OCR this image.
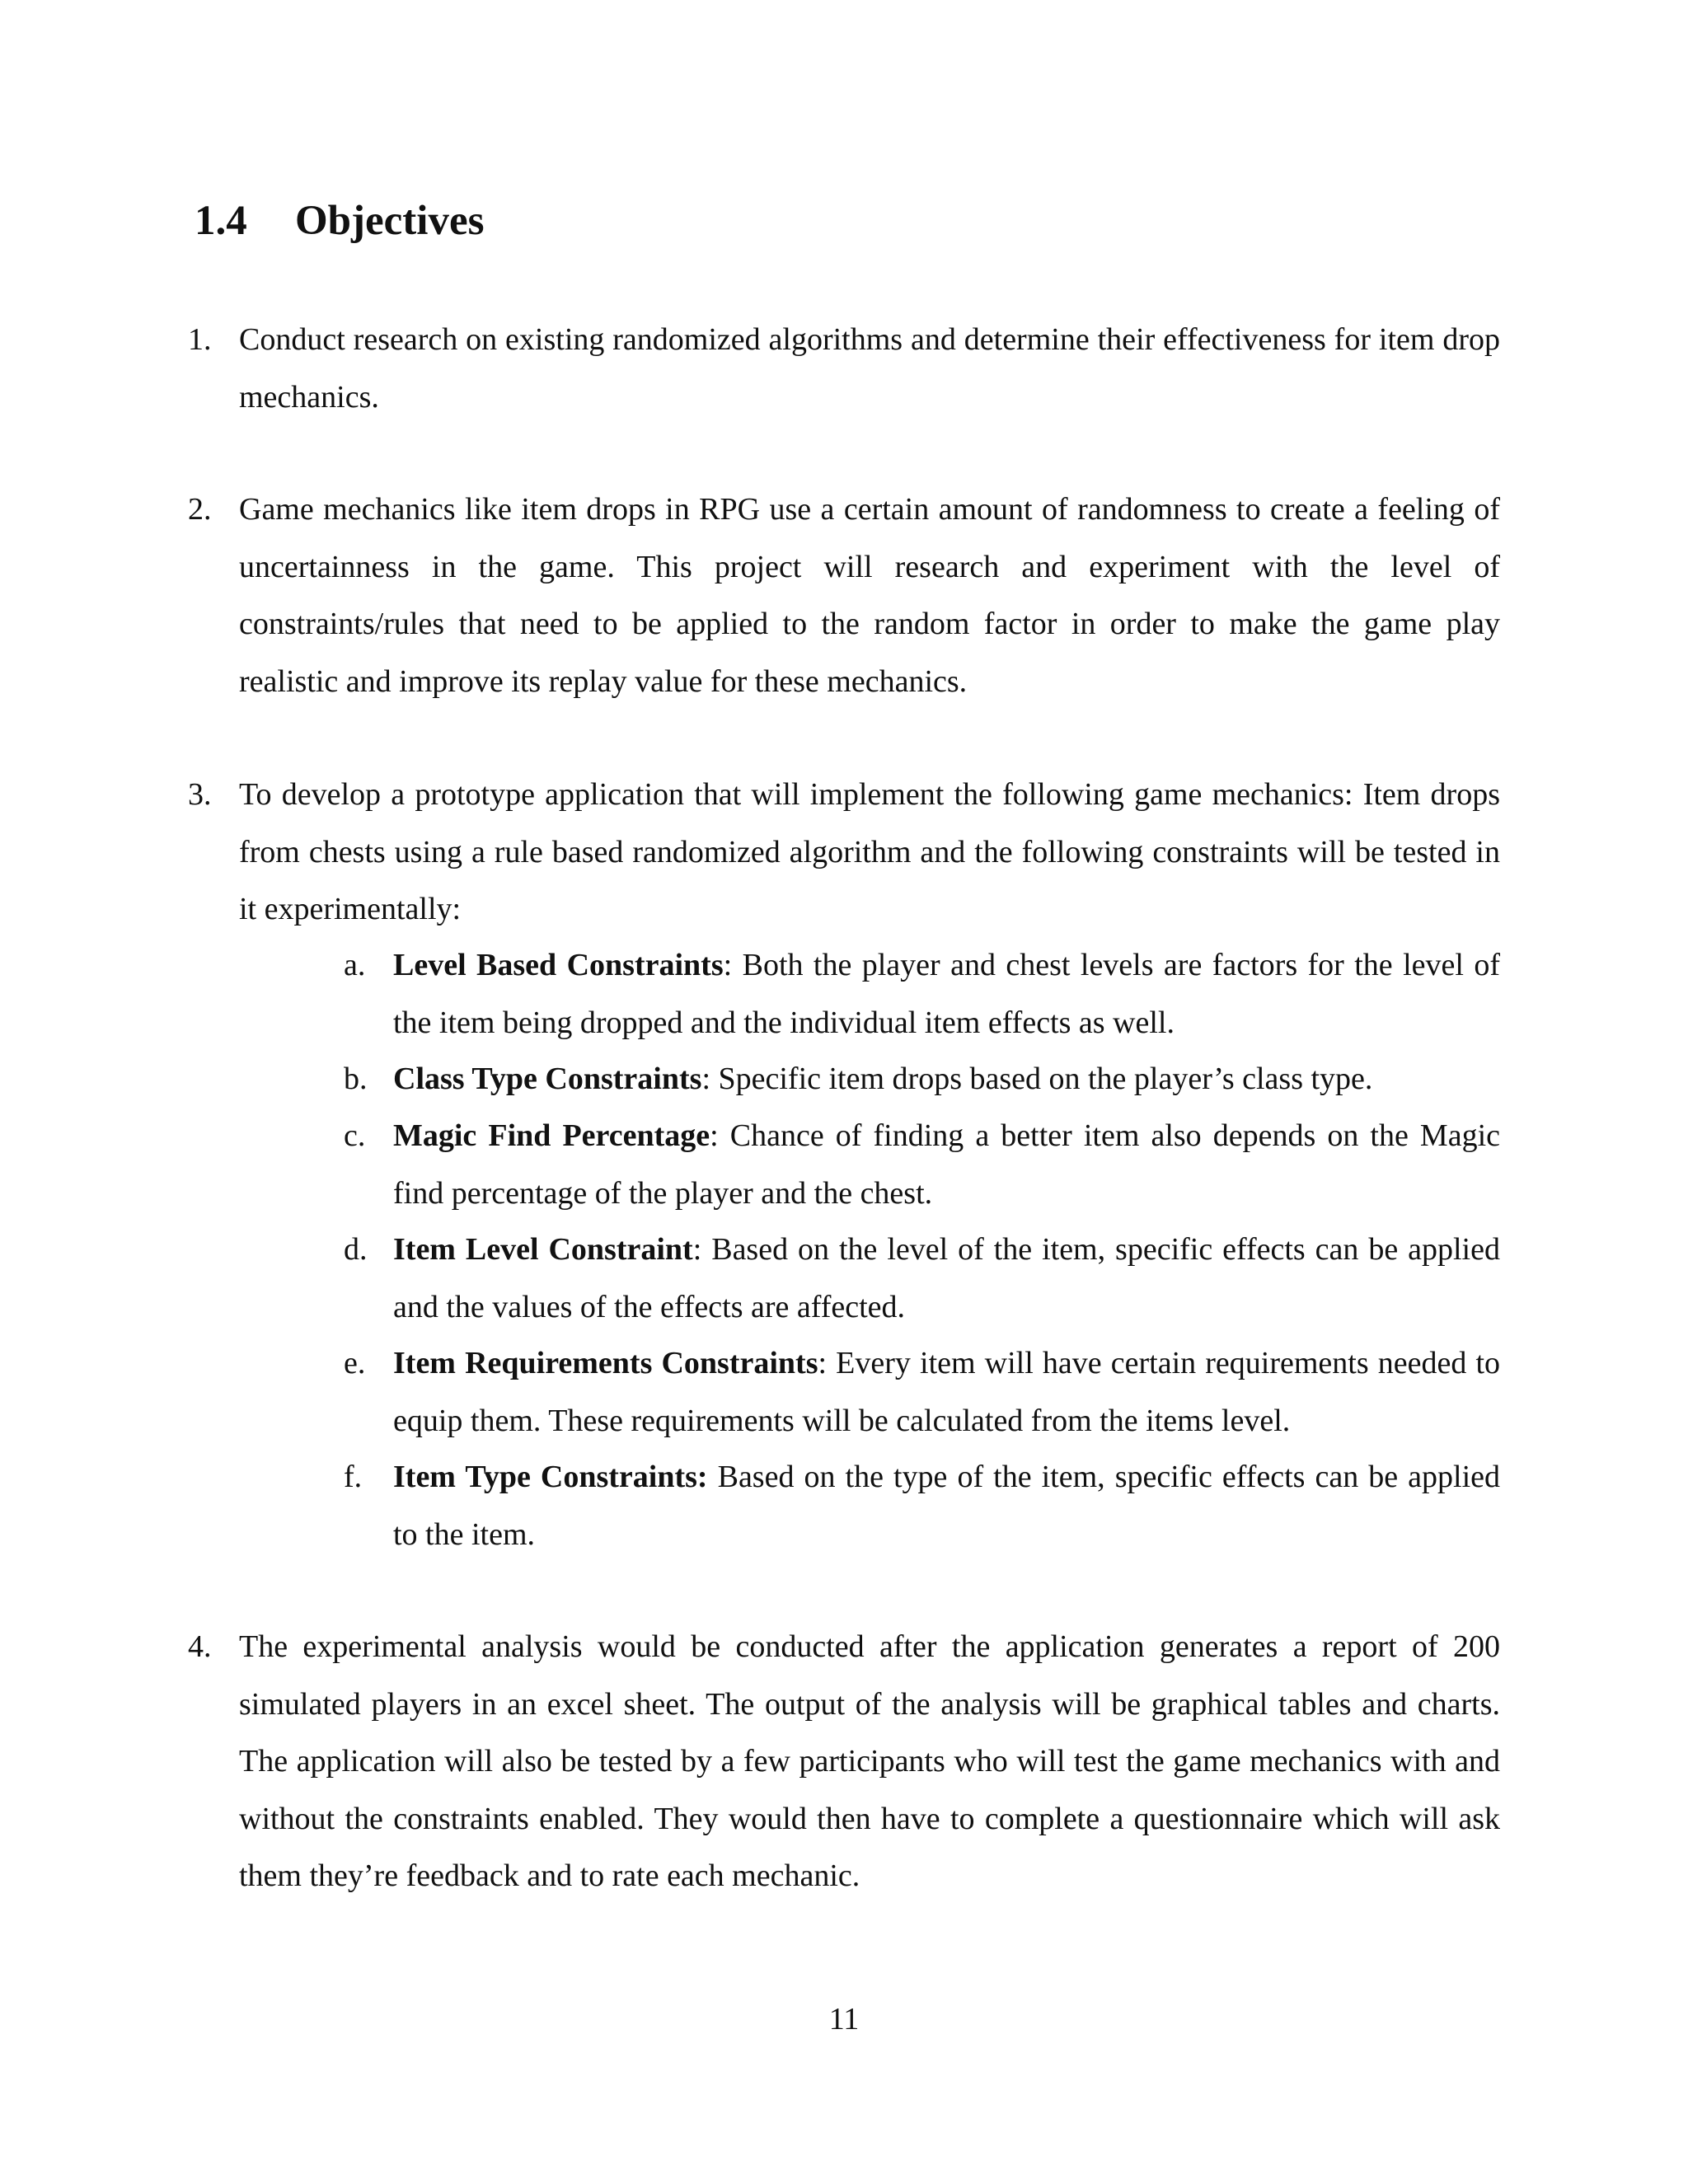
1.4 Objectives

1. Conduct research on existing randomized algorithms and determine their effectiveness for item drop mechanics.

2. Game mechanics like item drops in RPG use a certain amount of randomness to create a feeling of uncertainness in the game. This project will research and experiment with the level of constraints/rules that need to be applied to the random factor in order to make the game play realistic and improve its replay value for these mechanics.

3. To develop a prototype application that will implement the following game mechanics: Item drops from chests using a rule based randomized algorithm and the following constraints will be tested in it experimentally:

a. Level Based Constraints: Both the player and chest levels are factors for the level of the item being dropped and the individual item effects as well.

b. Class Type Constraints: Specific item drops based on the player’s class type.

c. Magic Find Percentage: Chance of finding a better item also depends on the Magic find percentage of the player and the chest.

d. Item Level Constraint: Based on the level of the item, specific effects can be applied and the values of the effects are affected.

e. Item Requirements Constraints: Every item will have certain requirements needed to equip them. These requirements will be calculated from the items level.

f. Item Type Constraints: Based on the type of the item, specific effects can be applied to the item.

4. The experimental analysis would be conducted after the application generates a report of 200 simulated players in an excel sheet. The output of the analysis will be graphical tables and charts. The application will also be tested by a few participants who will test the game mechanics with and without the constraints enabled. They would then have to complete a questionnaire which will ask them they’re feedback and to rate each mechanic.

11
